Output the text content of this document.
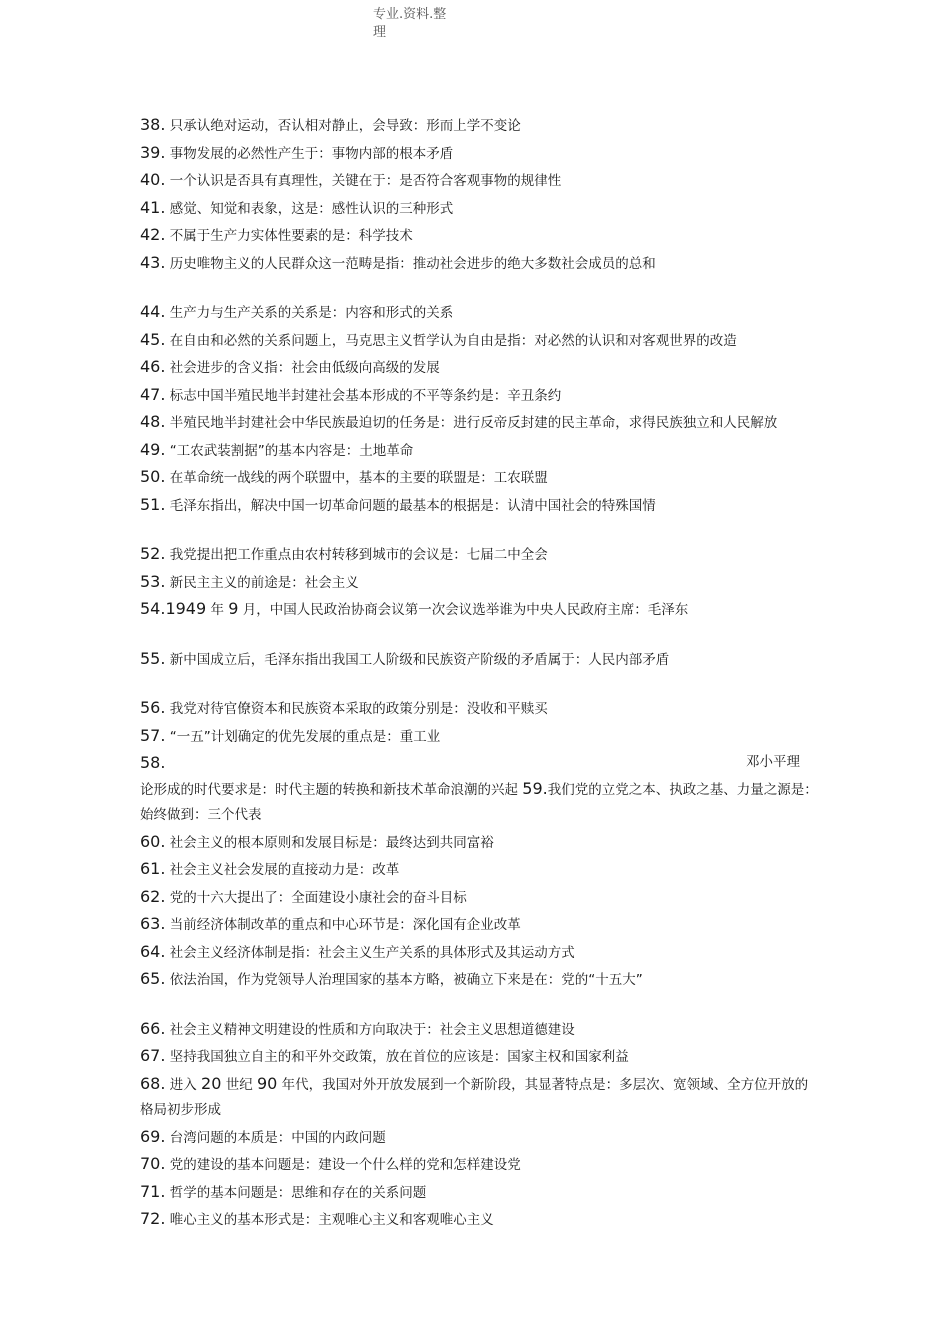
专业.资料.整
理
38. 只承认绝对运动，否认相对静止，会导致：形而上学不变论
39. 事物发展的必然性产生于：事物内部的根本矛盾
40. 一个认识是否具有真理性，关键在于：是否符合客观事物的规律性
41. 感觉、知觉和表象，这是：感性认识的三种形式
42. 不属于生产力实体性要素的是：科学技术
43. 历史唯物主义的人民群众这一范畴是指：推动社会进步的绝大多数社会成员的总和
44. 生产力与生产关系的关系是：内容和形式的关系
45. 在自由和必然的关系问题上，马克思主义哲学认为自由是指：对必然的认识和对客观世界的改造
46. 社会进步的含义指：社会由低级向高级的发展
47. 标志中国半殖民地半封建社会基本形成的不平等条约是：辛丑条约
48. 半殖民地半封建社会中华民族最迫切的任务是：进行反帝反封建的民主革命，求得民族独立和人民解放
49. “工农武装割据”的基本内容是：土地革命
50. 在革命统一战线的两个联盟中，基本的主要的联盟是：工农联盟
51. 毛泽东指出，解决中国一切革命问题的最基本的根据是：认清中国社会的特殊国情
52. 我党提出把工作重点由农村转移到城市的会议是：七届二中全会
53. 新民主主义的前途是：社会主义
54.1949 年 9 月，中国人民政治协商会议第一次会议选举谁为中央人民政府主席：毛泽东
55. 新中国成立后，毛泽东指出我国工人阶级和民族资产阶级的矛盾属于：人民内部矛盾
56. 我党对待官僚资本和民族资本采取的政策分别是：没收和平赎买
57. “一五”计划确定的优先发展的重点是：重工业
58.	邓小平理
论形成的时代要求是：时代主题的转换和新技术革命浪潮的兴起 59.我们党的立党之本、执政之基、力量之源是：始终做到：三个代表
60. 社会主义的根本原则和发展目标是：最终达到共同富裕
61. 社会主义社会发展的直接动力是：改革
62. 党的十六大提出了：全面建设小康社会的奋斗目标
63. 当前经济体制改革的重点和中心环节是：深化国有企业改革
64. 社会主义经济体制是指：社会主义生产关系的具体形式及其运动方式
65. 依法治国，作为党领导人治理国家的基本方略，被确立下来是在：党的“十五大”
66. 社会主义精神文明建设的性质和方向取决于：社会主义思想道德建设
67. 坚持我国独立自主的和平外交政策，放在首位的应该是：国家主权和国家利益
68. 进入 20 世纪 90 年代，我国对外开放发展到一个新阶段，其显著特点是：多层次、宽领域、全方位开放的格局初步形成
69. 台湾问题的本质是：中国的内政问题
70. 党的建设的基本问题是：建设一个什么样的党和怎样建设党
71. 哲学的基本问题是：思维和存在的关系问题
72. 唯心主义的基本形式是：主观唯心主义和客观唯心主义
